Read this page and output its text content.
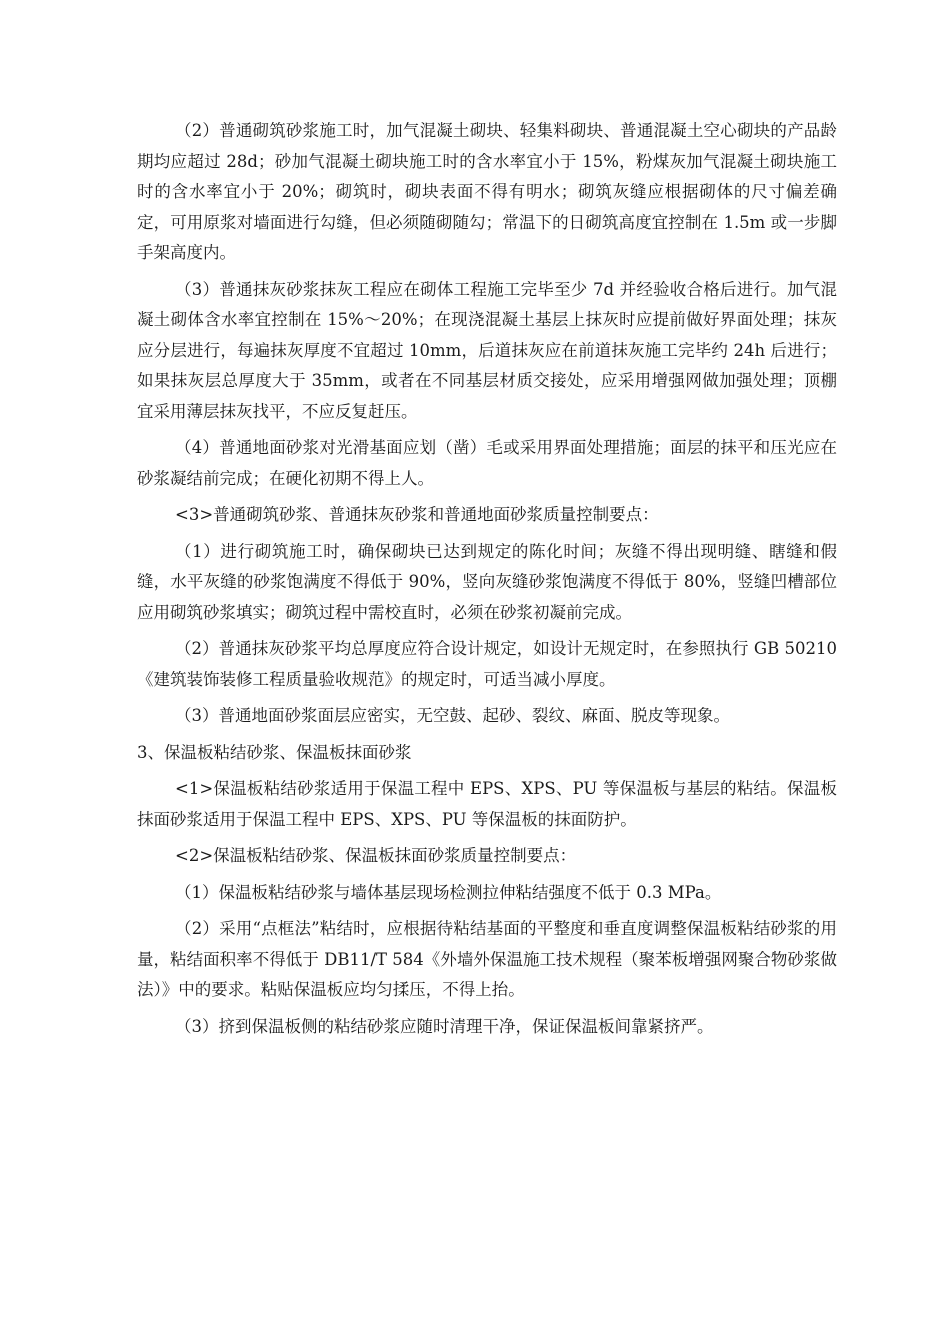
（2）普通砌筑砂浆施工时，加气混凝土砌块、轻集料砌块、普通混凝土空心砌块的产品龄期均应超过 28d；砂加气混凝土砌块施工时的含水率宜小于 15%，粉煤灰加气混凝土砌块施工时的含水率宜小于 20%；砌筑时，砌块表面不得有明水；砌筑灰缝应根据砌体的尺寸偏差确定，可用原浆对墙面进行勾缝，但必须随砌随勾；常温下的日砌筑高度宜控制在 1.5m 或一步脚手架高度内。

（3）普通抹灰砂浆抹灰工程应在砌体工程施工完毕至少 7d 并经验收合格后进行。加气混凝土砌体含水率宜控制在 15%～20%；在现浇混凝土基层上抹灰时应提前做好界面处理；抹灰应分层进行，每遍抹灰厚度不宜超过 10mm，后道抹灰应在前道抹灰施工完毕约 24h 后进行；如果抹灰层总厚度大于 35mm，或者在不同基层材质交接处，应采用增强网做加强处理；顶棚宜采用薄层抹灰找平，不应反复赶压。

（4）普通地面砂浆对光滑基面应划（凿）毛或采用界面处理措施；面层的抹平和压光应在砂浆凝结前完成；在硬化初期不得上人。

<3>普通砌筑砂浆、普通抹灰砂浆和普通地面砂浆质量控制要点：

（1）进行砌筑施工时，确保砌块已达到规定的陈化时间；灰缝不得出现明缝、瞎缝和假缝，水平灰缝的砂浆饱满度不得低于 90%，竖向灰缝砂浆饱满度不得低于 80%，竖缝凹槽部位应用砌筑砂浆填实；砌筑过程中需校直时，必须在砂浆初凝前完成。

（2）普通抹灰砂浆平均总厚度应符合设计规定，如设计无规定时，在参照执行 GB 50210《建筑装饰装修工程质量验收规范》的规定时，可适当减小厚度。

（3）普通地面砂浆面层应密实，无空鼓、起砂、裂纹、麻面、脱皮等现象。

3、保温板粘结砂浆、保温板抹面砂浆

<1>保温板粘结砂浆适用于保温工程中 EPS、XPS、PU 等保温板与基层的粘结。保温板抹面砂浆适用于保温工程中 EPS、XPS、PU 等保温板的抹面防护。

<2>保温板粘结砂浆、保温板抹面砂浆质量控制要点：

（1）保温板粘结砂浆与墙体基层现场检测拉伸粘结强度不低于 0.3 MPa。

（2）采用“点框法”粘结时，应根据待粘结基面的平整度和垂直度调整保温板粘结砂浆的用量，粘结面积率不得低于 DB11/T 584《外墙外保温施工技术规程（聚苯板增强网聚合物砂浆做法）》中的要求。粘贴保温板应均匀揉压，不得上抬。

（3）挤到保温板侧的粘结砂浆应随时清理干净，保证保温板间靠紧挤严。
